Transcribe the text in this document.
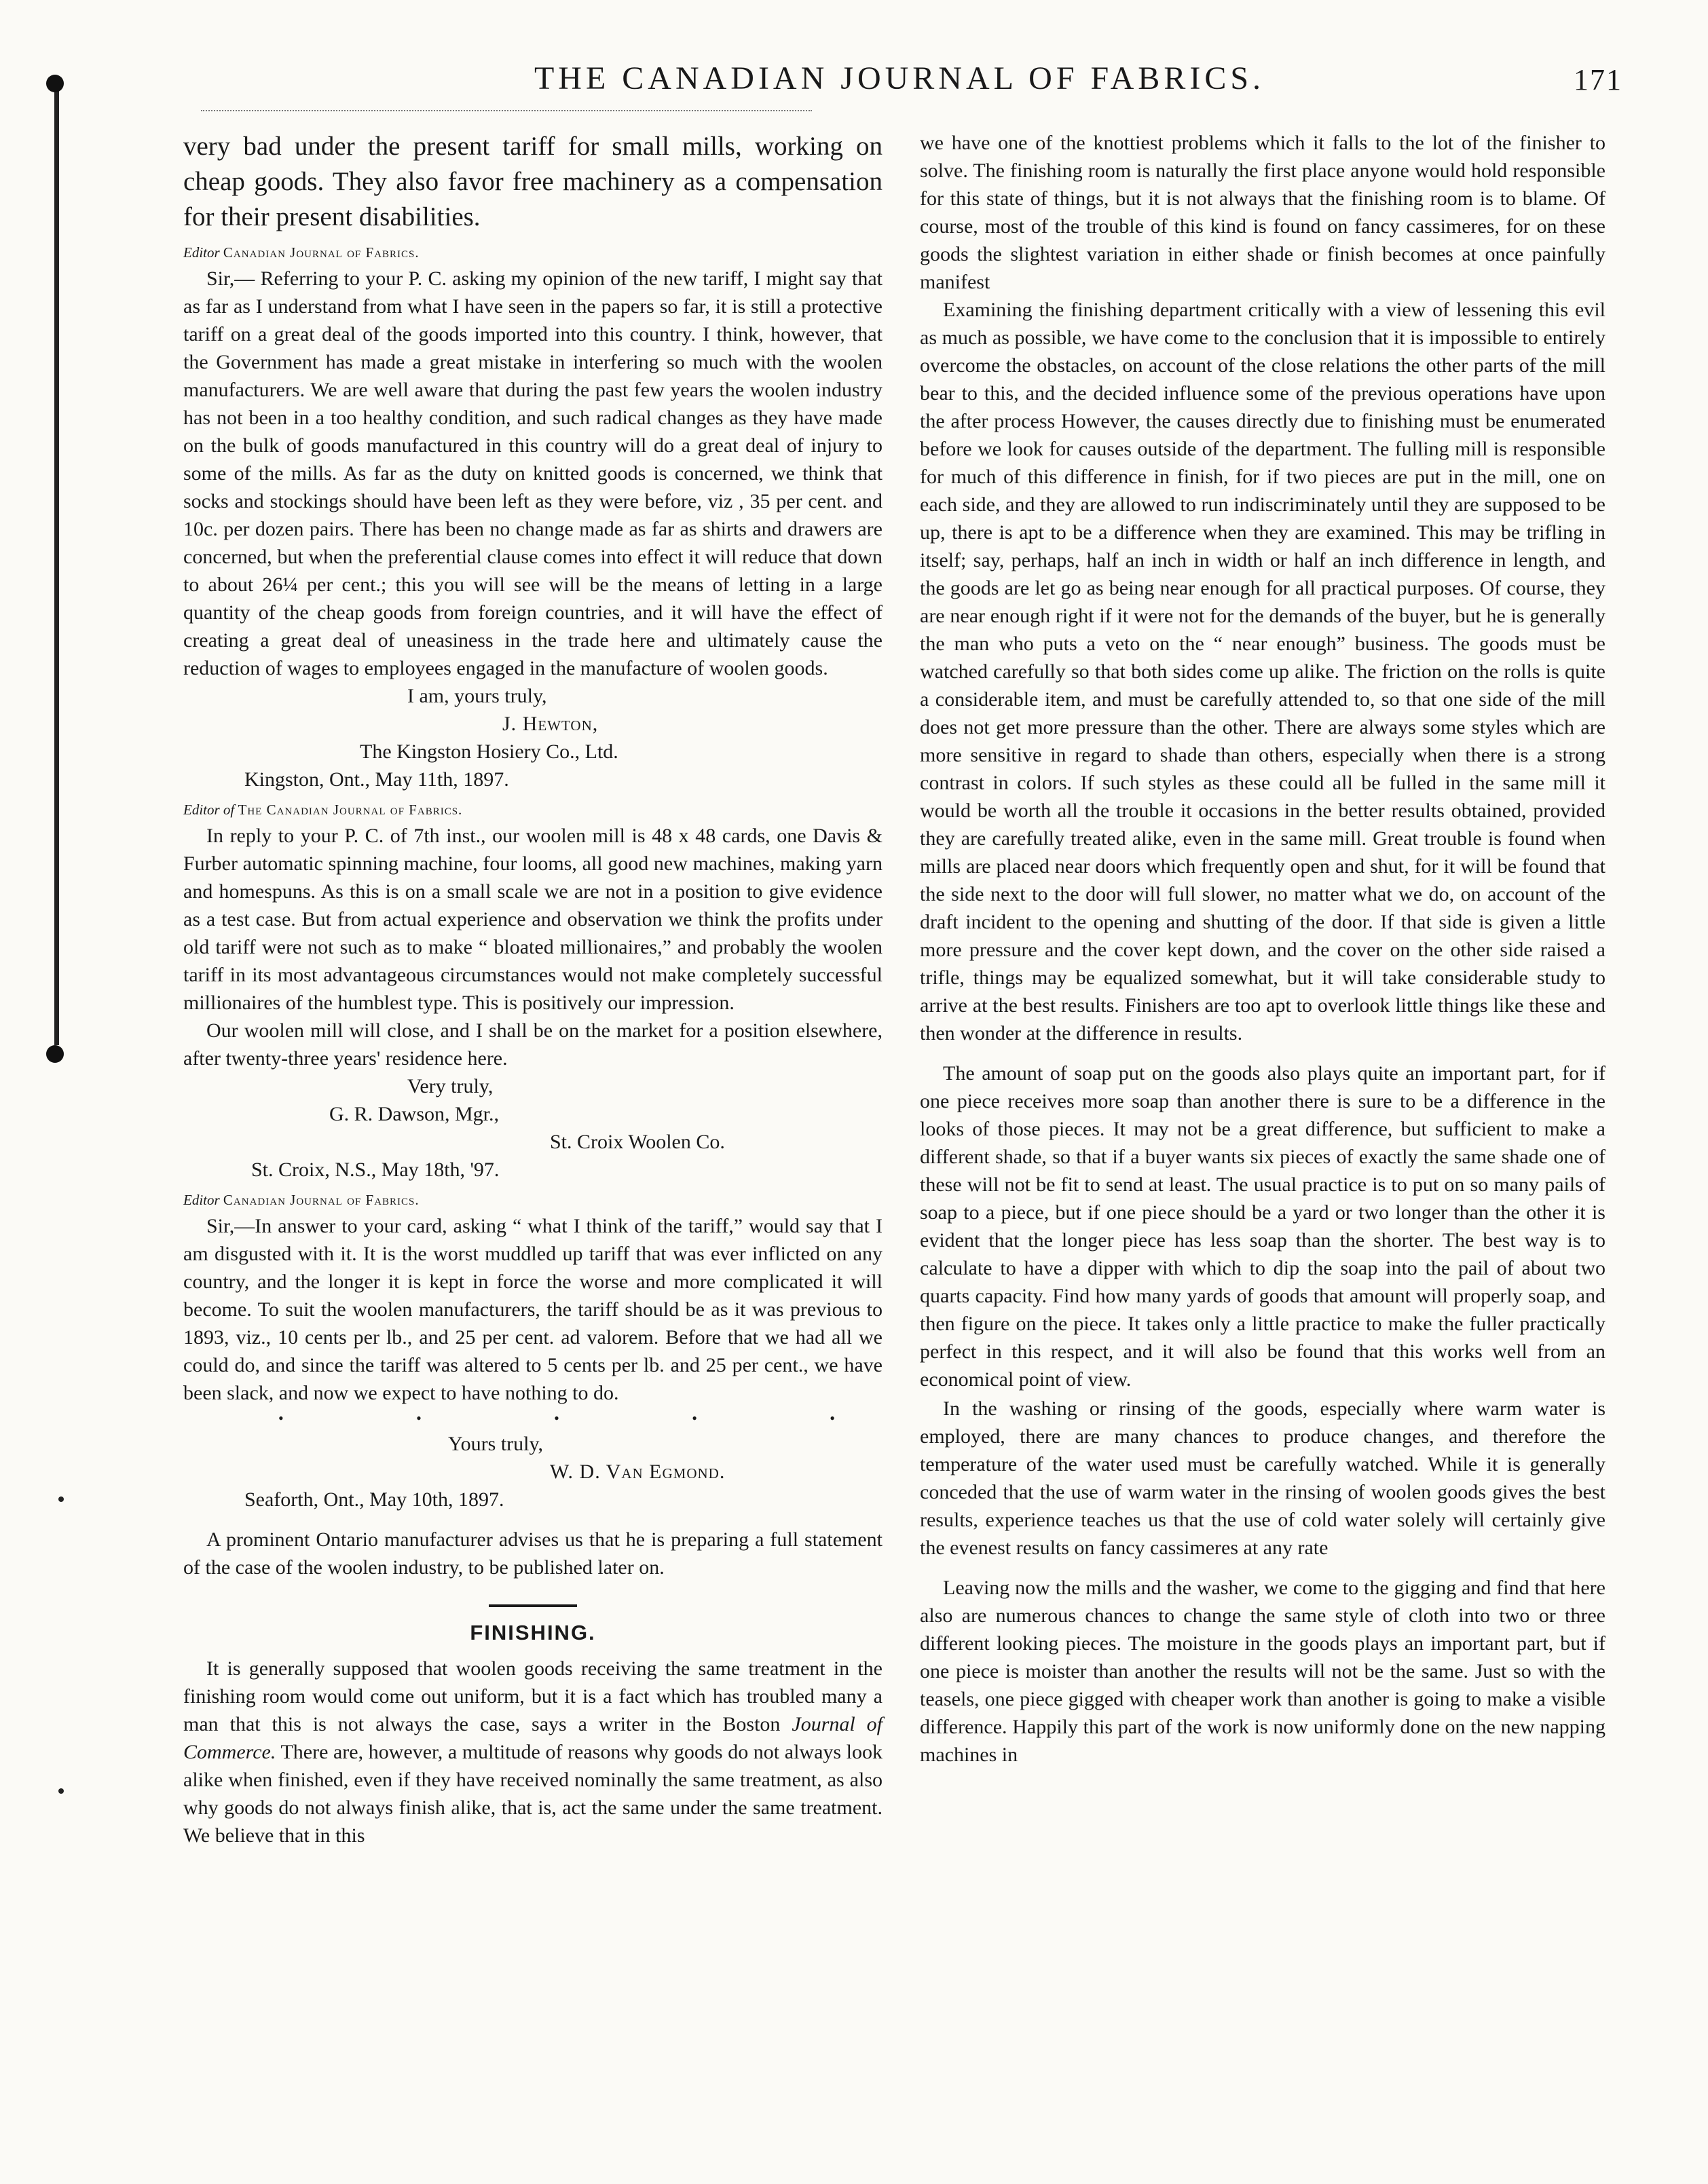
THE CANADIAN JOURNAL OF FABRICS.	171

very bad under the present tariff for small mills, working on cheap goods. They also favor free machinery as a compensation for their present disabilities.

Editor Canadian Journal of Fabrics.

Sir,— Referring to your P. C. asking my opinion of the new tariff, I might say that as far as I understand from what I have seen in the papers so far, it is still a protective tariff on a great deal of the goods imported into this country. I think, however, that the Government has made a great mistake in interfering so much with the woolen manufacturers. We are well aware that during the past few years the woolen industry has not been in a too healthy condition, and such radical changes as they have made on the bulk of goods manufactured in this country will do a great deal of injury to some of the mills. As far as the duty on knitted goods is concerned, we think that socks and stockings should have been left as they were before, viz , 35 per cent. and 10c. per dozen pairs. There has been no change made as far as shirts and drawers are concerned, but when the preferential clause comes into effect it will reduce that down to about 26¼ per cent.; this you will see will be the means of letting in a large quantity of the cheap goods from foreign countries, and it will have the effect of creating a great deal of uneasiness in the trade here and ultimately cause the reduction of wages to employees engaged in the manufacture of woolen goods.

I am, yours truly,

J. Hewton,

The Kingston Hosiery Co., Ltd.

Kingston, Ont., May 11th, 1897.

Editor of The Canadian Journal of Fabrics.

In reply to your P. C. of 7th inst., our woolen mill is 48 x 48 cards, one Davis & Furber automatic spinning machine, four looms, all good new machines, making yarn and homespuns. As this is on a small scale we are not in a position to give evidence as a test case. But from actual experience and observation we think the profits under old tariff were not such as to make “ bloated millionaires,” and probably the woolen tariff in its most advantageous circumstances would not make completely successful millionaires of the humblest type. This is positively our impression.

Our woolen mill will close, and I shall be on the market for a position elsewhere, after twenty-three years' residence here.

Very truly,

G. R. Dawson, Mgr.,

St. Croix Woolen Co.

St. Croix, N.S., May 18th, '97.

Editor Canadian Journal of Fabrics.

Sir,—In answer to your card, asking “ what I think of the tariff,” would say that I am disgusted with it. It is the worst muddled up tariff that was ever inflicted on any country, and the longer it is kept in force the worse and more complicated it will become. To suit the woolen manufacturers, the tariff should be as it was previous to 1893, viz., 10 cents per lb., and 25 per cent. ad valorem. Before that we had all we could do, and since the tariff was altered to 5 cents per lb. and 25 per cent., we have been slack, and now we expect to have nothing to do.

•	•	•	•	•

Yours truly,

W. D. Van Egmond.

Seaforth, Ont., May 10th, 1897.

A prominent Ontario manufacturer advises us that he is preparing a full statement of the case of the woolen industry, to be published later on.

FINISHING.

It is generally supposed that woolen goods receiving the same treatment in the finishing room would come out uniform, but it is a fact which has troubled many a man that this is not always the case, says a writer in the Boston Journal of Commerce. There are, however, a multitude of reasons why goods do not always look alike when finished, even if they have received nominally the same treatment, as also why goods do not always finish alike, that is, act the same under the same treatment. We believe that in this

we have one of the knottiest problems which it falls to the lot of the finisher to solve. The finishing room is naturally the first place anyone would hold responsible for this state of things, but it is not always that the finishing room is to blame. Of course, most of the trouble of this kind is found on fancy cassimeres, for on these goods the slightest variation in either shade or finish becomes at once painfully manifest

Examining the finishing department critically with a view of lessening this evil as much as possible, we have come to the conclusion that it is impossible to entirely overcome the obstacles, on account of the close relations the other parts of the mill bear to this, and the decided influence some of the previous operations have upon the after process However, the causes directly due to finishing must be enumerated before we look for causes outside of the department. The fulling mill is responsible for much of this difference in finish, for if two pieces are put in the mill, one on each side, and they are allowed to run indiscriminately until they are supposed to be up, there is apt to be a difference when they are examined. This may be trifling in itself; say, perhaps, half an inch in width or half an inch difference in length, and the goods are let go as being near enough for all practical purposes. Of course, they are near enough right if it were not for the demands of the buyer, but he is generally the man who puts a veto on the “ near enough” business. The goods must be watched carefully so that both sides come up alike. The friction on the rolls is quite a considerable item, and must be carefully attended to, so that one side of the mill does not get more pressure than the other. There are always some styles which are more sensitive in regard to shade than others, especially when there is a strong contrast in colors. If such styles as these could all be fulled in the same mill it would be worth all the trouble it occasions in the better results obtained, provided they are carefully treated alike, even in the same mill. Great trouble is found when mills are placed near doors which frequently open and shut, for it will be found that the side next to the door will full slower, no matter what we do, on account of the draft incident to the opening and shutting of the door. If that side is given a little more pressure and the cover kept down, and the cover on the other side raised a trifle, things may be equalized somewhat, but it will take considerable study to arrive at the best results. Finishers are too apt to overlook little things like these and then wonder at the difference in results.

The amount of soap put on the goods also plays quite an important part, for if one piece receives more soap than another there is sure to be a difference in the looks of those pieces. It may not be a great difference, but sufficient to make a different shade, so that if a buyer wants six pieces of exactly the same shade one of these will not be fit to send at least. The usual practice is to put on so many pails of soap to a piece, but if one piece should be a yard or two longer than the other it is evident that the longer piece has less soap than the shorter. The best way is to calculate to have a dipper with which to dip the soap into the pail of about two quarts capacity. Find how many yards of goods that amount will properly soap, and then figure on the piece. It takes only a little practice to make the fuller practically perfect in this respect, and it will also be found that this works well from an economical point of view.

In the washing or rinsing of the goods, especially where warm water is employed, there are many chances to produce changes, and therefore the temperature of the water used must be carefully watched. While it is generally conceded that the use of warm water in the rinsing of woolen goods gives the best results, experience teaches us that the use of cold water solely will certainly give the evenest results on fancy cassimeres at any rate

Leaving now the mills and the washer, we come to the gigging and find that here also are numerous chances to change the same style of cloth into two or three different looking pieces. The moisture in the goods plays an important part, but if one piece is moister than another the results will not be the same. Just so with the teasels, one piece gigged with cheaper work than another is going to make a visible difference. Happily this part of the work is now uniformly done on the new napping machines in
